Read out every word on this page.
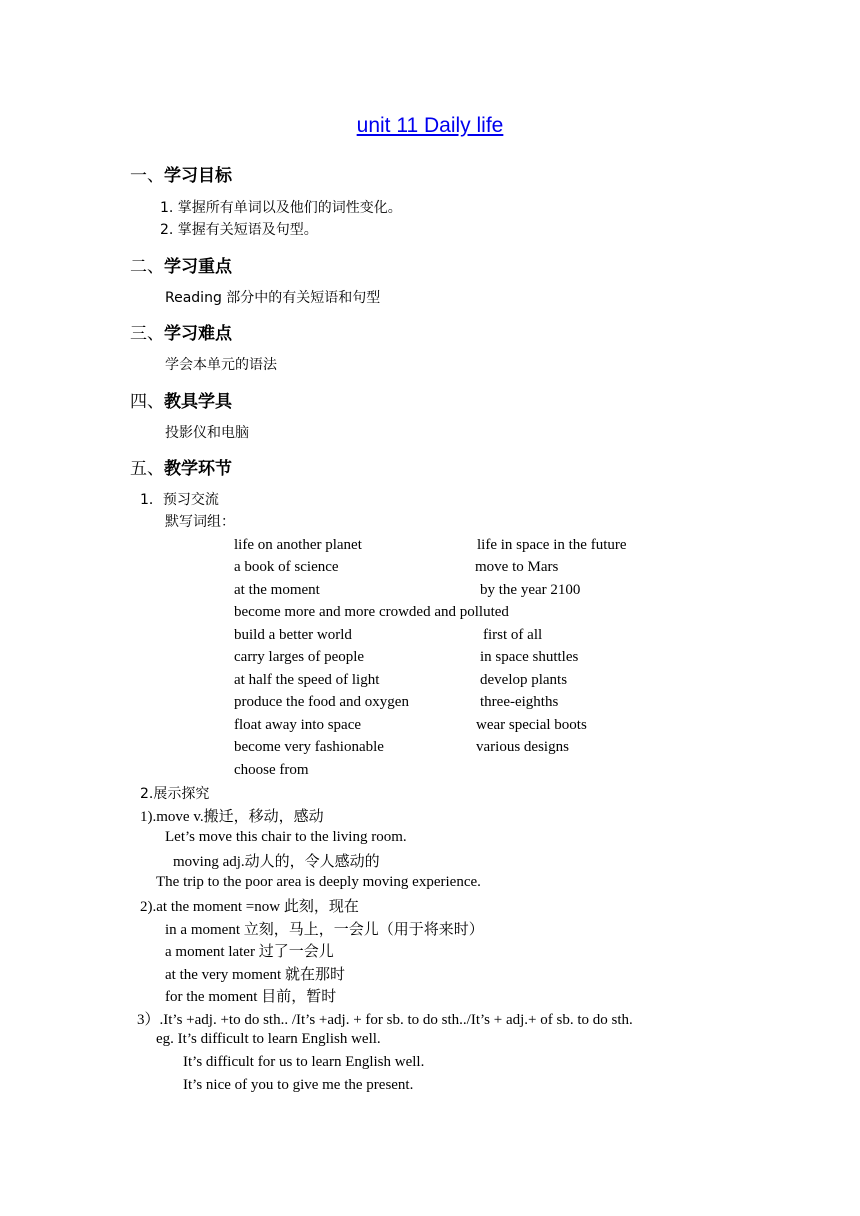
unit 11 Daily life
一、学习目标
1. 掌握所有单词以及他们的词性变化。
2. 掌握有关短语及句型。
二、学习重点
Reading 部分中的有关短语和句型
三、学习难点
学会本单元的语法
四、教具学具
投影仪和电脑
五、教学环节
1．预习交流
默写词组：
life on another planet	life in space in the future
a book of science	move to Mars
at the moment	by the year 2100
become more and more crowded and polluted
build a better world	first of all
carry larges of people	in space shuttles
at half the speed of light	develop plants
produce the food and oxygen	three-eighths
float away into space	wear special boots
become very fashionable	various designs
choose from
2.展示探究
1).move v.搬迁，移动，感动
Let’s move this chair to the living room.
moving adj.动人的，令人感动的
The trip to the poor area is deeply moving experience.
2).at the moment =now 此刻，现在
in a moment 立刻，马上，一会儿（用于将来时）
a moment later 过了一会儿
at the very moment 就在那时
for the moment 目前，暂时
3）.It’s +adj. +to do sth.. /It’s +adj. + for sb. to do sth../It’s + adj.+ of sb. to do sth.
eg. It’s difficult to learn English well.
It’s difficult for us to learn English well.
It’s nice of you to give me the present.
